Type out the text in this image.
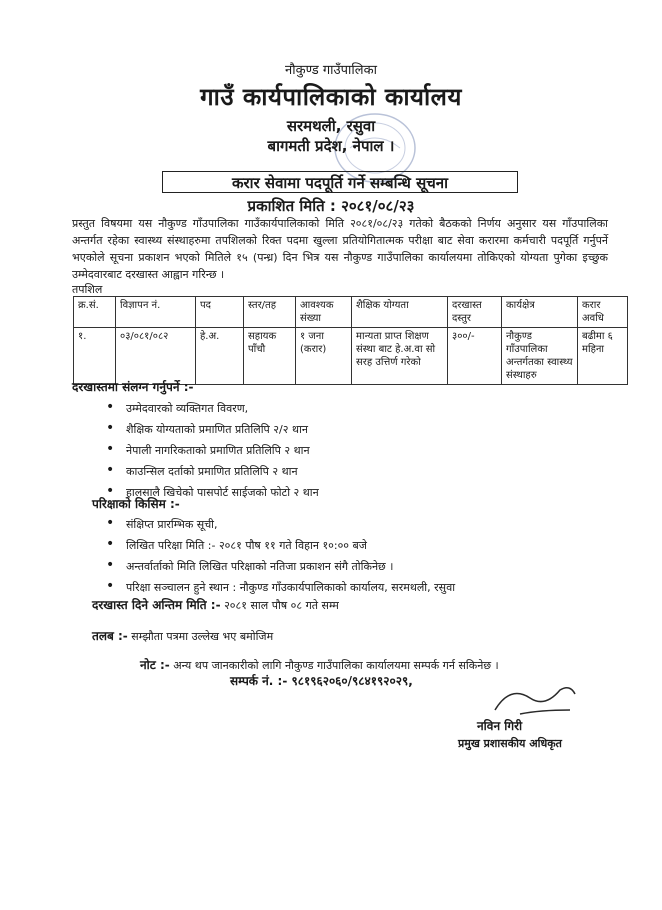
नौकुण्ड गाउँपालिका
गाउँ कार्यपालिकाको कार्यालय
सरमथली, रसुवा
बागमती प्रदेश, नेपाल ।
करार सेवामा पदपूर्ति गर्ने सम्बन्धि सूचना
प्रकाशित मिति : २०८१/०८/२३
प्रस्तुत विषयमा यस नौकुण्ड गाँउपालिका गाउँकार्यपालिकाको मिति २०८१/०८/२३ गतेको बैठकको निर्णय अनुसार यस गाँउपालिका अन्तर्गत रहेका स्वास्थ्य संस्थाहरुमा तपशिलको रिक्त पदमा खुल्ला प्रतियोगितात्मक परीक्षा बाट सेवा करारमा कर्मचारी पदपूर्ति गर्नुपर्ने भएकोले सूचना प्रकाशन भएको मितिले १५ (पन्ध्र) दिन भित्र यस नौकुण्ड गाउँपालिका कार्यालयमा तोकिएको योग्यता पुगेका इच्छुक उम्मेदवारबाट दरखास्त आह्वान गरिन्छ ।
तपशिल
क्र.सं.	विज्ञापन नं.	पद	स्तर/तह	आवश्यक संख्या	शैक्षिक योग्यता	दरखास्त दस्तुर	कार्यक्षेत्र	करार अवधि
१.	०३/०८१/०८२	हे.अ.	सहायक पाँचौ	१ जना (करार)	मान्यता प्राप्त शिक्षण संस्था बाट हे.अ.वा सो सरह उत्तिर्ण गरेको	३००/-	नौकुण्ड गाँउपालिका अन्तर्गतका स्वास्थ्य संस्थाहरु	बढीमा ६ महिना
दरखास्तमा संलग्न गर्नुपर्ने :-
• उम्मेदवारको व्यक्तिगत विवरण,
• शैक्षिक योग्यताको प्रमाणित प्रतिलिपि २/२ थान
• नेपाली नागरिकताको प्रमाणित प्रतिलिपि २ थान
• काउन्सिल दर्ताको प्रमाणित प्रतिलिपि २ थान
• हालसालै खिचेको पासपोर्ट साईजको फोटो २ थान
परिक्षाको किसिम :-
• संक्षिप्त प्रारम्भिक सूची,
• लिखित परिक्षा मिति :- २०८१ पौष ११ गते विहान १०:०० बजे
• अन्तर्वार्ताको मिति लिखित परिक्षाको नतिजा प्रकाशन संगै तोकिनेछ ।
• परिक्षा सञ्चालन हुने स्थान : नौकुण्ड गाँउकार्यपालिकाको कार्यालय, सरमथली, रसुवा
दरखास्त दिने अन्तिम मिति :- २०८१ साल पौष ०८ गते सम्म
तलब :- सम्झौता पत्रमा उल्लेख भए बमोजिम
नोट :- अन्य थप जानकारीको लागि नौकुण्ड गाउँपालिका कार्यालयमा सम्पर्क गर्न सकिनेछ ।
सम्पर्क नं. :- ९८१९६२०६०/९८४१९२०२९,
नविन गिरी
प्रमुख प्रशासकीय अधिकृत
